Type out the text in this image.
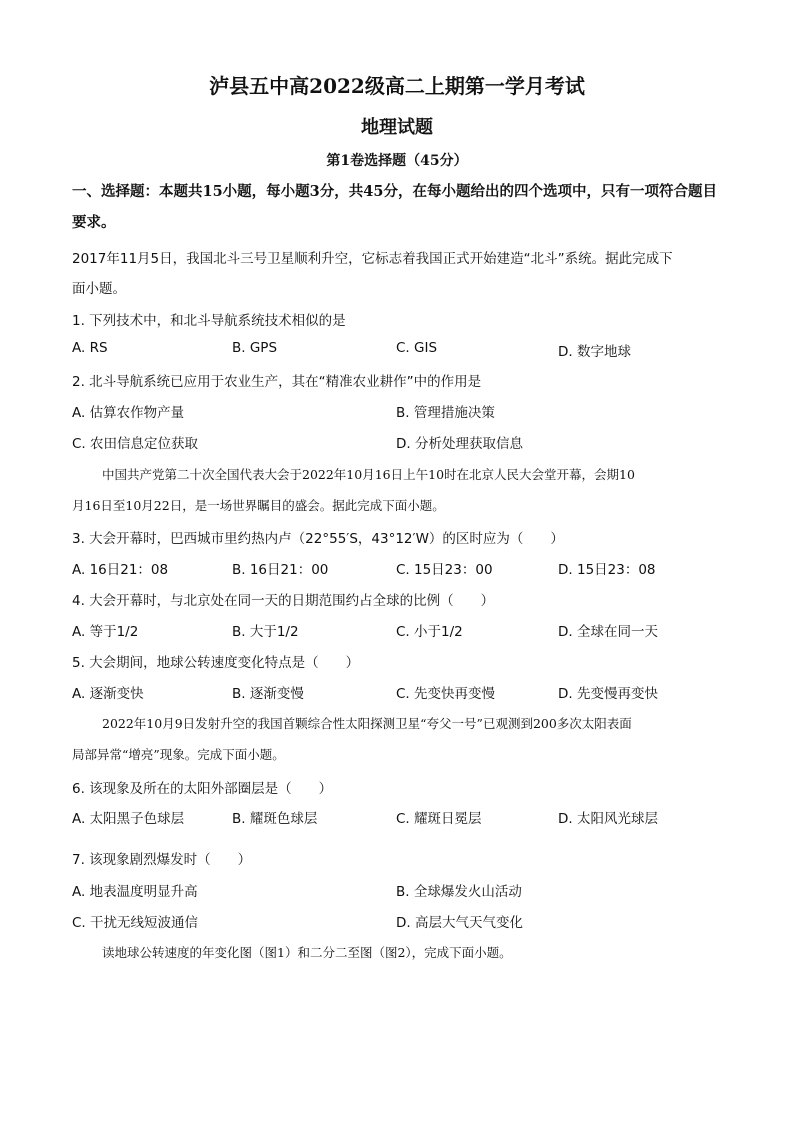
泸县五中高2022级高二上期第一学月考试
地理试题
第1卷选择题（45分）
一、选择题：本题共15小题，每小题3分，共45分，在每小题给出的四个选项中，只有一项符合题目要求。
2017年11月5日，我国北斗三号卫星顺利升空，它标志着我国正式开始建造“北斗”系统。据此完成下
面小题。
1. 下列技术中，和北斗导航系统技术相似的是
A. RS	B. GPS	C. GIS	D. 数字地球
2. 北斗导航系统已应用于农业生产，其在“精准农业耕作”中的作用是
A. 估算农作物产量	B. 管理措施决策
C. 农田信息定位获取	D. 分析处理获取信息
中国共产党第二十次全国代表大会于2022年10月16日上午10时在北京人民大会堂开幕，会期10
月16日至10月22日，是一场世界瞩目的盛会。据此完成下面小题。
3. 大会开幕时，巴西城市里约热内卢（22°55′S，43°12′W）的区时应为（　　）
A. 16日21：08	B. 16日21：00	C. 15日23：00	D. 15日23：08
4. 大会开幕时，与北京处在同一天的日期范围约占全球的比例（　　）
A. 等于1/2	B. 大于1/2	C. 小于1/2	D. 全球在同一天
5. 大会期间，地球公转速度变化特点是（　　）
A. 逐渐变快	B. 逐渐变慢	C. 先变快再变慢	D. 先变慢再变快
2022年10月9日发射升空的我国首颗综合性太阳探测卫星“夸父一号”已观测到200多次太阳表面
局部异常“增亮”现象。完成下面小题。
6. 该现象及所在的太阳外部圈层是（　　）
A. 太阳黑子色球层	B. 耀斑色球层	C. 耀斑日冕层	D. 太阳风光球层
7. 该现象剧烈爆发时（　　）
A. 地表温度明显升高	B. 全球爆发火山活动
C. 干扰无线短波通信	D. 高层大气天气变化
读地球公转速度的年变化图（图1）和二分二至图（图2），完成下面小题。
